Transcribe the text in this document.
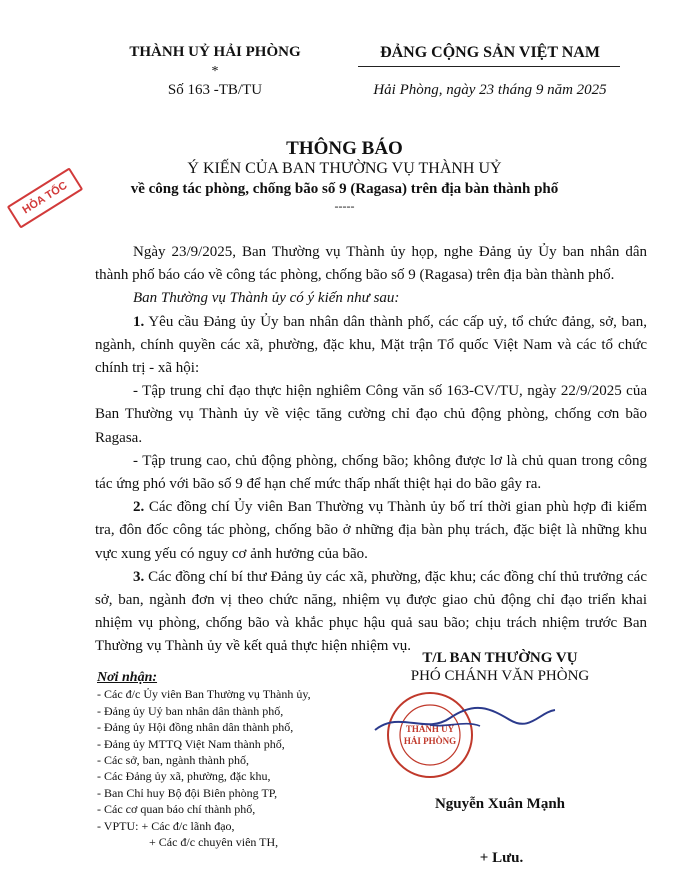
THÀNH UỶ HẢI PHÒNG
*
Số 163 -TB/TU
ĐẢNG CỘNG SẢN VIỆT NAM
Hải Phòng, ngày 23 tháng 9 năm 2025
HỎA TỐC
THÔNG BÁO
Ý KIẾN CỦA BAN THƯỜNG VỤ THÀNH UỶ
về công tác phòng, chống bão số 9 (Ragasa) trên địa bàn thành phố
-----

Ngày 23/9/2025, Ban Thường vụ Thành ủy họp, nghe Đảng ủy Ủy ban nhân dân thành phố báo cáo về công tác phòng, chống bão số 9 (Ragasa) trên địa bàn thành phố.

Ban Thường vụ Thành ủy có ý kiến như sau:

1. Yêu cầu Đảng ủy Ủy ban nhân dân thành phố, các cấp uỷ, tổ chức đảng, sở, ban, ngành, chính quyền các xã, phường, đặc khu, Mặt trận Tổ quốc Việt Nam và các tổ chức chính trị - xã hội:

- Tập trung chỉ đạo thực hiện nghiêm Công văn số 163-CV/TU, ngày 22/9/2025 của Ban Thường vụ Thành ủy về việc tăng cường chỉ đạo chủ động phòng, chống cơn bão Ragasa.

- Tập trung cao, chủ động phòng, chống bão; không được lơ là chủ quan trong công tác ứng phó với bão số 9 để hạn chế mức thấp nhất thiệt hại do bão gây ra.

2. Các đồng chí Ủy viên Ban Thường vụ Thành ủy bố trí thời gian phù hợp đi kiểm tra, đôn đốc công tác phòng, chống bão ở những địa bàn phụ trách, đặc biệt là những khu vực xung yếu có nguy cơ ảnh hưởng của bão.

3. Các đồng chí bí thư Đảng ủy các xã, phường, đặc khu; các đồng chí thủ trưởng các sở, ban, ngành đơn vị theo chức năng, nhiệm vụ được giao chủ động chỉ đạo triển khai nhiệm vụ phòng, chống bão và khắc phục hậu quả sau bão; chịu trách nhiệm trước Ban Thường vụ Thành ủy về kết quả thực hiện nhiệm vụ.

Nơi nhận:
- Các đ/c Ủy viên Ban Thường vụ Thành ủy,
- Đảng ủy Uỷ ban nhân dân thành phố,
- Đảng ủy Hội đồng nhân dân thành phố,
- Đảng ủy MTTQ Việt Nam thành phố,
- Các sở, ban, ngành thành phố,
- Các Đảng ủy xã, phường, đặc khu,
- Ban Chỉ huy Bộ đội Biên phòng TP,
- Các cơ quan báo chí thành phố,
- VPTU: + Các đ/c lãnh đạo,
+ Các đ/c chuyên viên TH,
+ Lưu.
T/L BAN THƯỜNG VỤ
PHÓ CHÁNH VĂN PHÒNG
THÀNH UỶ
HẢI PHÒNG
Nguyễn Xuân Mạnh
